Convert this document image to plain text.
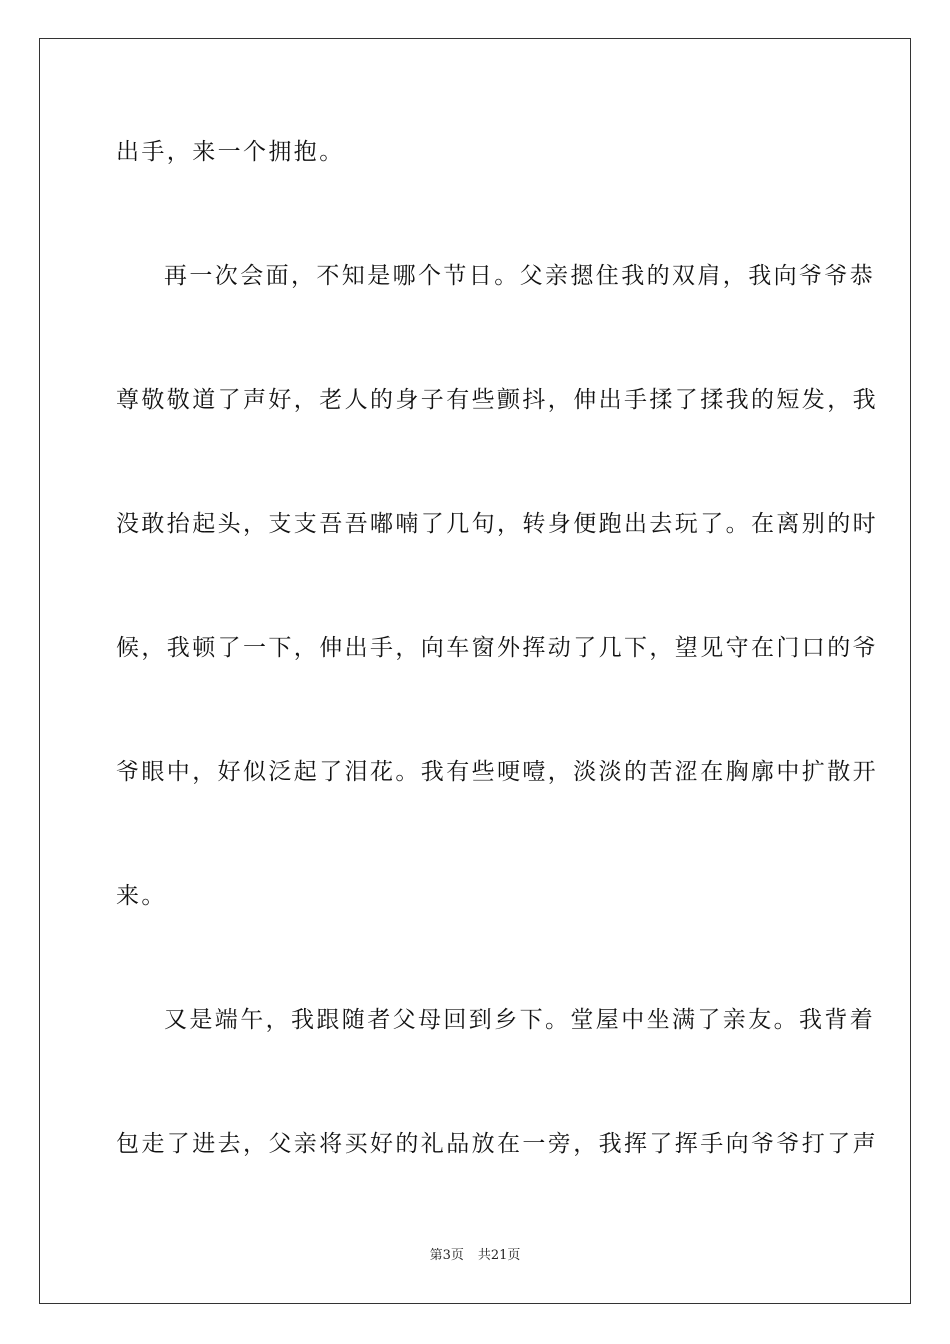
出手，来一个拥抱。
再一次会面，不知是哪个节日。父亲摁住我的双肩，我向爷爷恭
尊敬敬道了声好，老人的身子有些颤抖，伸出手揉了揉我的短发，我
没敢抬起头，支支吾吾嘟喃了几句，转身便跑出去玩了。在离别的时
候，我顿了一下，伸出手，向车窗外挥动了几下，望见守在门口的爷
爷眼中，好似泛起了泪花。我有些哽噎，淡淡的苦涩在胸廓中扩散开
来。
又是端午，我跟随者父母回到乡下。堂屋中坐满了亲友。我背着
包走了进去，父亲将买好的礼品放在一旁，我挥了挥手向爷爷打了声
第3页 共21页
